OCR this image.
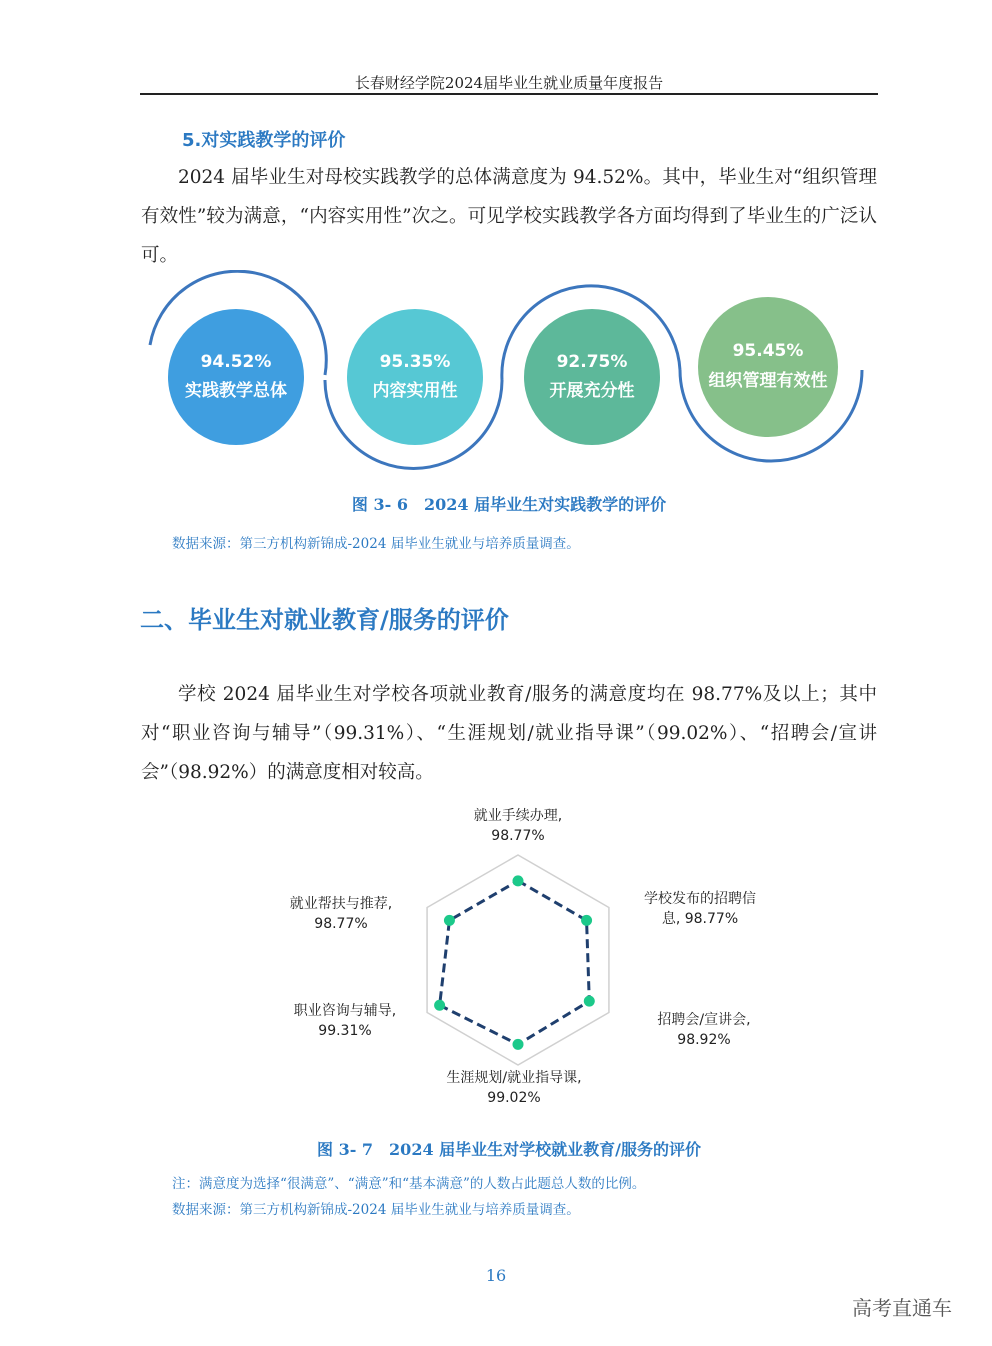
长春财经学院2024届毕业生就业质量年度报告
5.对实践教学的评价

2024 届毕业生对母校实践教学的总体满意度为 94.52%。其中，毕业生对“组织管理有效性”较为满意，“内容实用性”次之。可见学校实践教学各方面均得到了毕业生的广泛认可。

94.52%
实践教学总体
95.35%
内容实用性
92.75%
开展充分性
95.45%
组织管理有效性
图 3- 6　2024 届毕业生对实践教学的评价
数据来源：第三方机构新锦成-2024 届毕业生就业与培养质量调查。
二、毕业生对就业教育/服务的评价

学校 2024 届毕业生对学校各项就业教育/服务的满意度均在 98.77%及以上；其中对“职业咨询与辅导”（99.31%）、“生涯规划/就业指导课”（99.02%）、“招聘会/宣讲会”（98.92%）的满意度相对较高。

就业手续办理, 98.77%
学校发布的招聘信息, 98.77%
招聘会/宣讲会, 98.92%
生涯规划/就业指导课, 99.02%
职业咨询与辅导, 99.31%
就业帮扶与推荐, 98.77%
图 3- 7　2024 届毕业生对学校就业教育/服务的评价
注：满意度为选择“很满意”、“满意”和“基本满意”的人数占此题总人数的比例。
数据来源：第三方机构新锦成-2024 届毕业生就业与培养质量调查。
16
高考直通车
